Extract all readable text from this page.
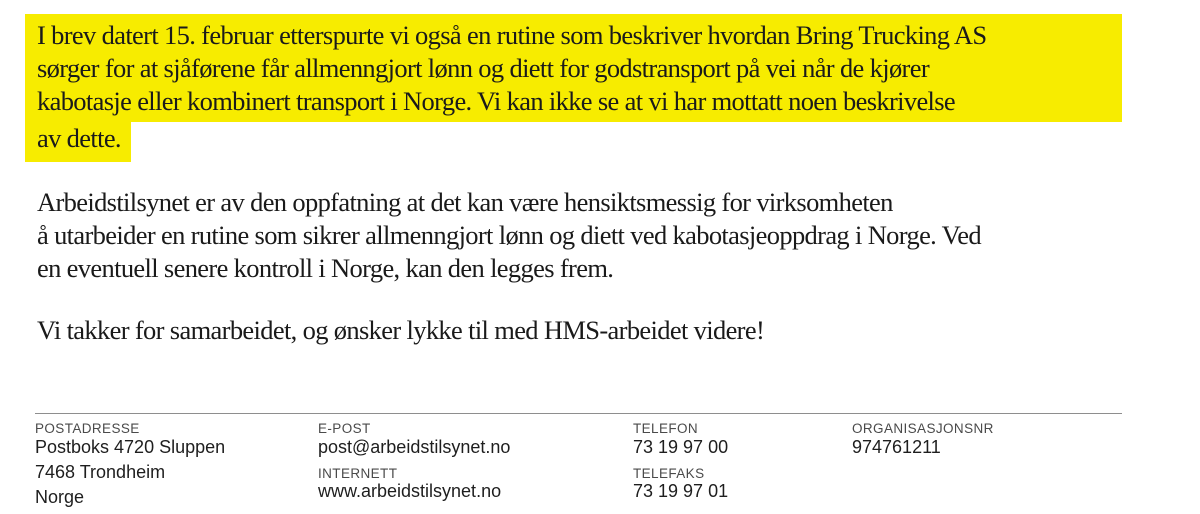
I brev datert 15. februar etterspurte vi også en rutine som beskriver hvordan Bring Trucking AS
sørger for at sjåførene får allmenngjort lønn og diett for godstransport på vei når de kjører
kabotasje eller kombinert transport i Norge. Vi kan ikke se at vi har mottatt noen beskrivelse
av dette.
Arbeidstilsynet er av den oppfatning at det kan være hensiktsmessig for virksomheten
å utarbeider en rutine som sikrer allmenngjort lønn og diett ved kabotasjeoppdrag i Norge. Ved
en eventuell senere kontroll i Norge, kan den legges frem.
Vi takker for samarbeidet, og ønsker lykke til med HMS-arbeidet videre!
POSTADRESSE
Postboks 4720 Sluppen
7468 Trondheim
Norge
E-POST
post@arbeidstilsynet.no
INTERNETT
www.arbeidstilsynet.no
TELEFON
73 19 97 00
TELEFAKS
73 19 97 01
ORGANISASJONSNR
974761211
